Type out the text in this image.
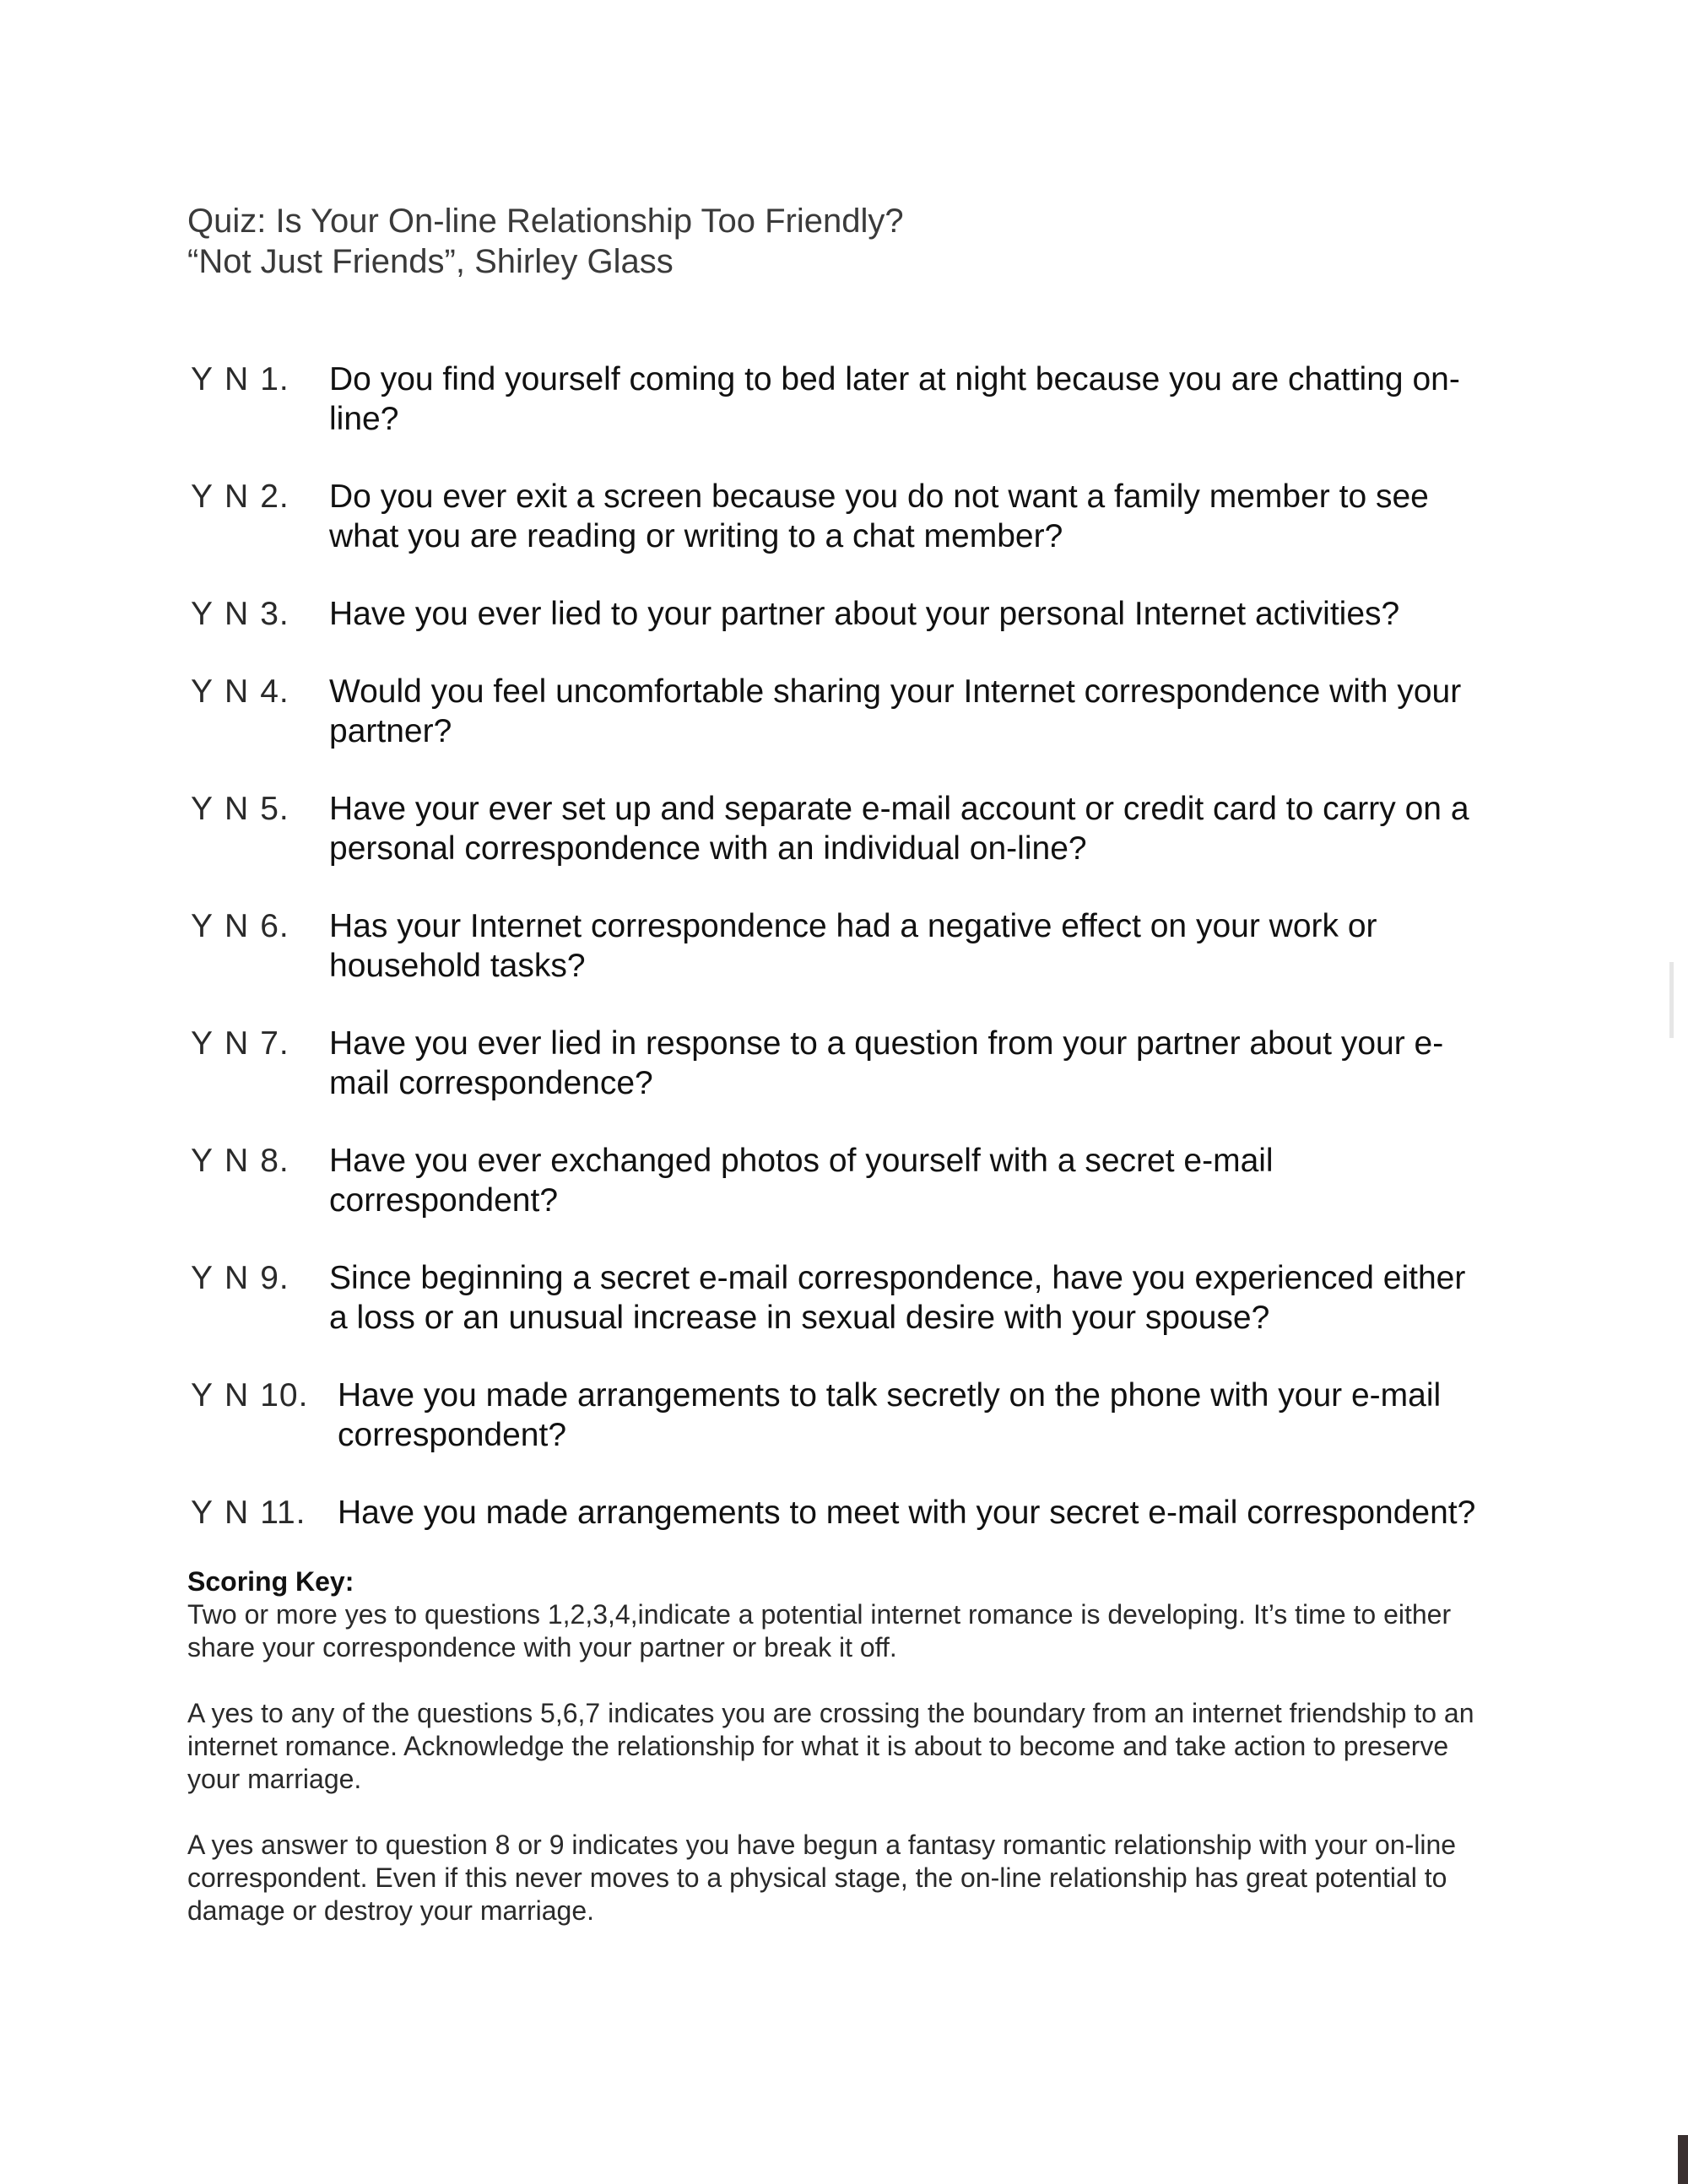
Quiz: Is Your On-line Relationship Too Friendly?
“Not Just Friends”, Shirley Glass
Y N 1.	Do you find yourself coming to bed later at night because you are chatting on-line?
Y N 2.	Do you ever exit a screen because you do not want a family member to see what you are reading or writing to a chat member?
Y N 3.	Have you ever lied to your partner about your personal Internet activities?
Y N 4.	Would you feel uncomfortable sharing your Internet correspondence with your partner?
Y N 5.	Have your ever set up and separate e-mail account or credit card to carry on a personal correspondence with an individual on-line?
Y N 6.	Has your Internet correspondence had a negative effect on your work or household tasks?
Y N 7.	Have you ever lied in response to a question from your partner about your e-mail correspondence?
Y N 8.	Have you ever exchanged photos of yourself with a secret e-mail correspondent?
Y N 9.	Since beginning a secret e-mail correspondence, have you experienced either a loss or an unusual increase in sexual desire with your spouse?
Y N 10. Have you made arrangements to talk secretly on the phone with your e-mail correspondent?
Y N 11. Have you made arrangements to meet with your secret e-mail correspondent?
Scoring Key:

Two or more yes to questions 1,2,3,4,indicate a potential internet romance is developing. It’s time to either share your correspondence with your partner or break it off.

A yes to any of the questions 5,6,7 indicates you are crossing the boundary from an internet friendship to an internet romance. Acknowledge the relationship for what it is about to become and take action to preserve your marriage.

A yes answer to question 8 or 9 indicates you have begun a fantasy romantic relationship with your on-line correspondent. Even if this never moves to a physical stage, the on-line relationship has great potential to damage or destroy your marriage.
